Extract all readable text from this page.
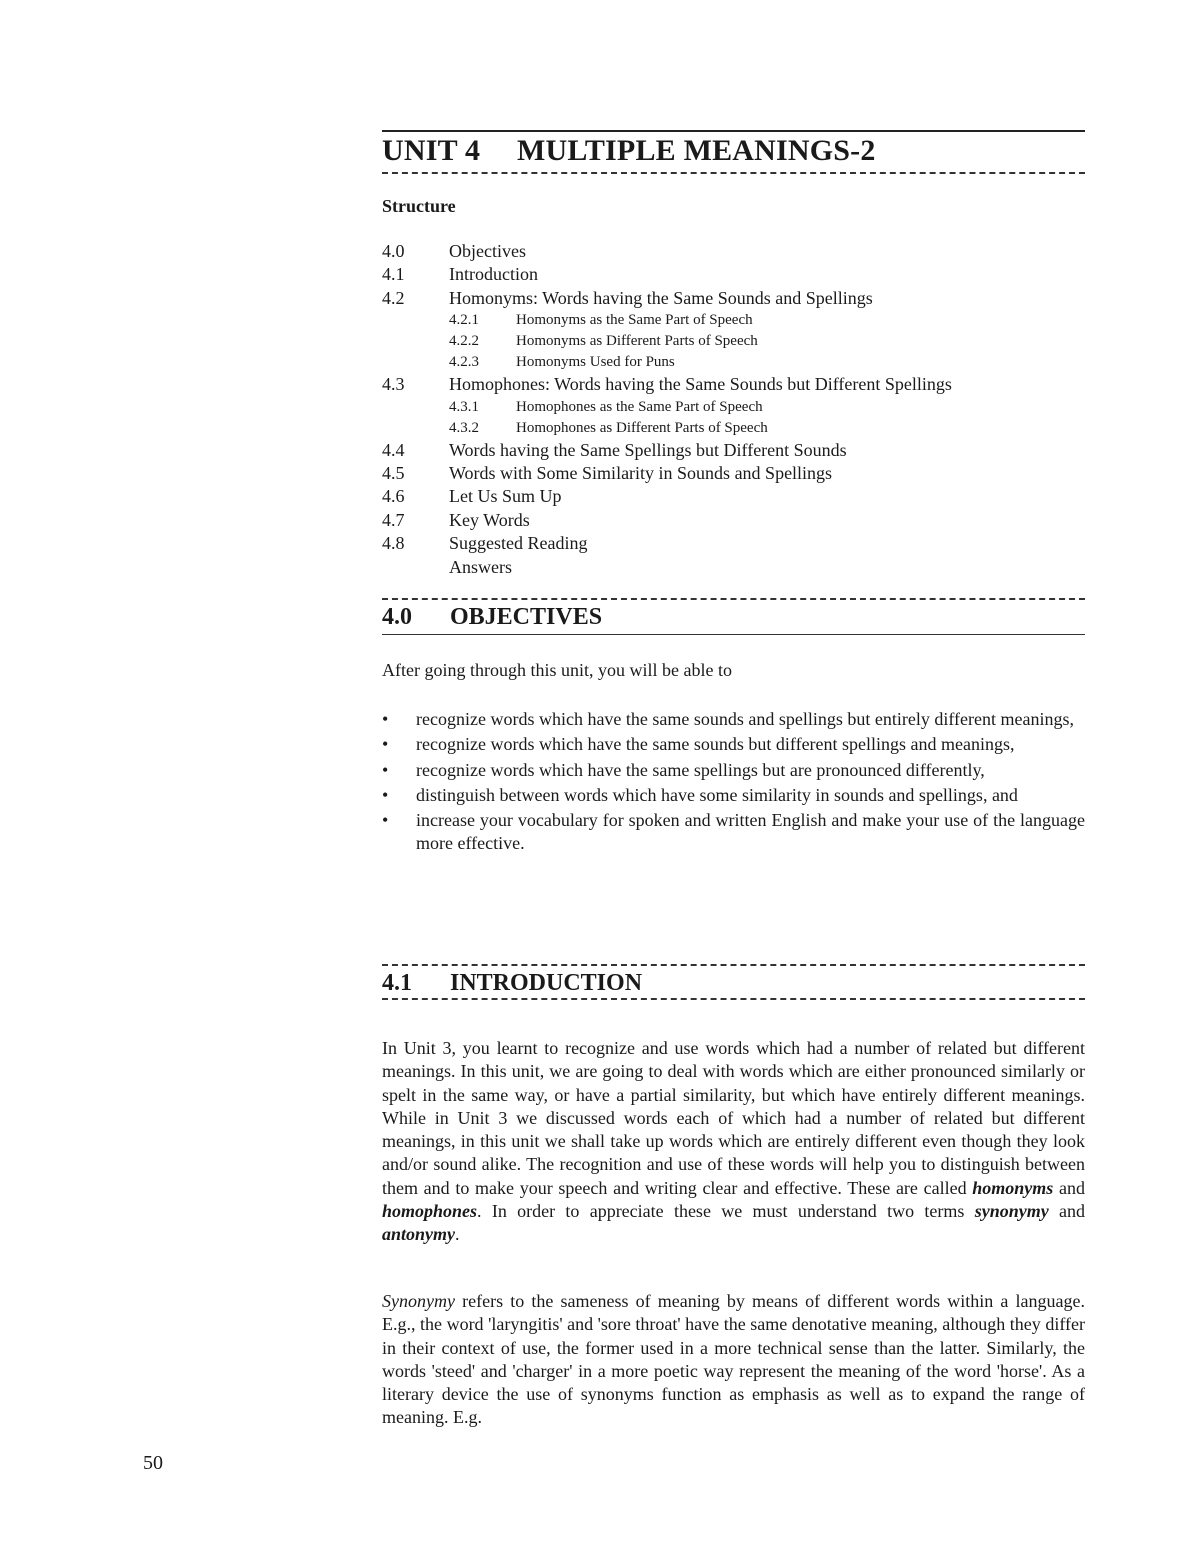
UNIT 4 MULTIPLE MEANINGS-2
Structure
4.0 Objectives
4.1 Introduction
4.2 Homonyms: Words having the Same Sounds and Spellings
4.2.1 Homonyms as the Same Part of Speech
4.2.2 Homonyms as Different Parts of Speech
4.2.3 Homonyms Used for Puns
4.3 Homophones: Words having the Same Sounds but Different Spellings
4.3.1 Homophones as the Same Part of Speech
4.3.2 Homophones as Different Parts of Speech
4.4 Words having the Same Spellings but Different Sounds
4.5 Words with Some Similarity in Sounds and Spellings
4.6 Let Us Sum Up
4.7 Key Words
4.8 Suggested Reading
Answers
4.0 OBJECTIVES
After going through this unit, you will be able to
• recognize words which have the same sounds and spellings but entirely different meanings,
• recognize words which have the same sounds but different spellings and meanings,
• recognize words which have the same spellings but are pronounced differently,
• distinguish between words which have some similarity in sounds and spellings, and
• increase your vocabulary for spoken and written English and make your use of the language more effective.
4.1 INTRODUCTION
In Unit 3, you learnt to recognize and use words which had a number of related but different meanings. In this unit, we are going to deal with words which are either pronounced similarly or spelt in the same way, or have a partial similarity, but which have entirely different meanings. While in Unit 3 we discussed words each of which had a number of related but different meanings, in this unit we shall take up words which are entirely different even though they look and/or sound alike. The recognition and use of these words will help you to distinguish between them and to make your speech and writing clear and effective. These are called homonyms and homophones. In order to appreciate these we must understand two terms synonymy and antonymy.
Synonymy refers to the sameness of meaning by means of different words within a language. E.g., the word 'laryngitis' and 'sore throat' have the same denotative meaning, although they differ in their context of use, the former used in a more technical sense than the latter. Similarly, the words 'steed' and 'charger' in a more poetic way represent the meaning of the word 'horse'. As a literary device the use of synonyms function as emphasis as well as to expand the range of meaning. E.g.
50
